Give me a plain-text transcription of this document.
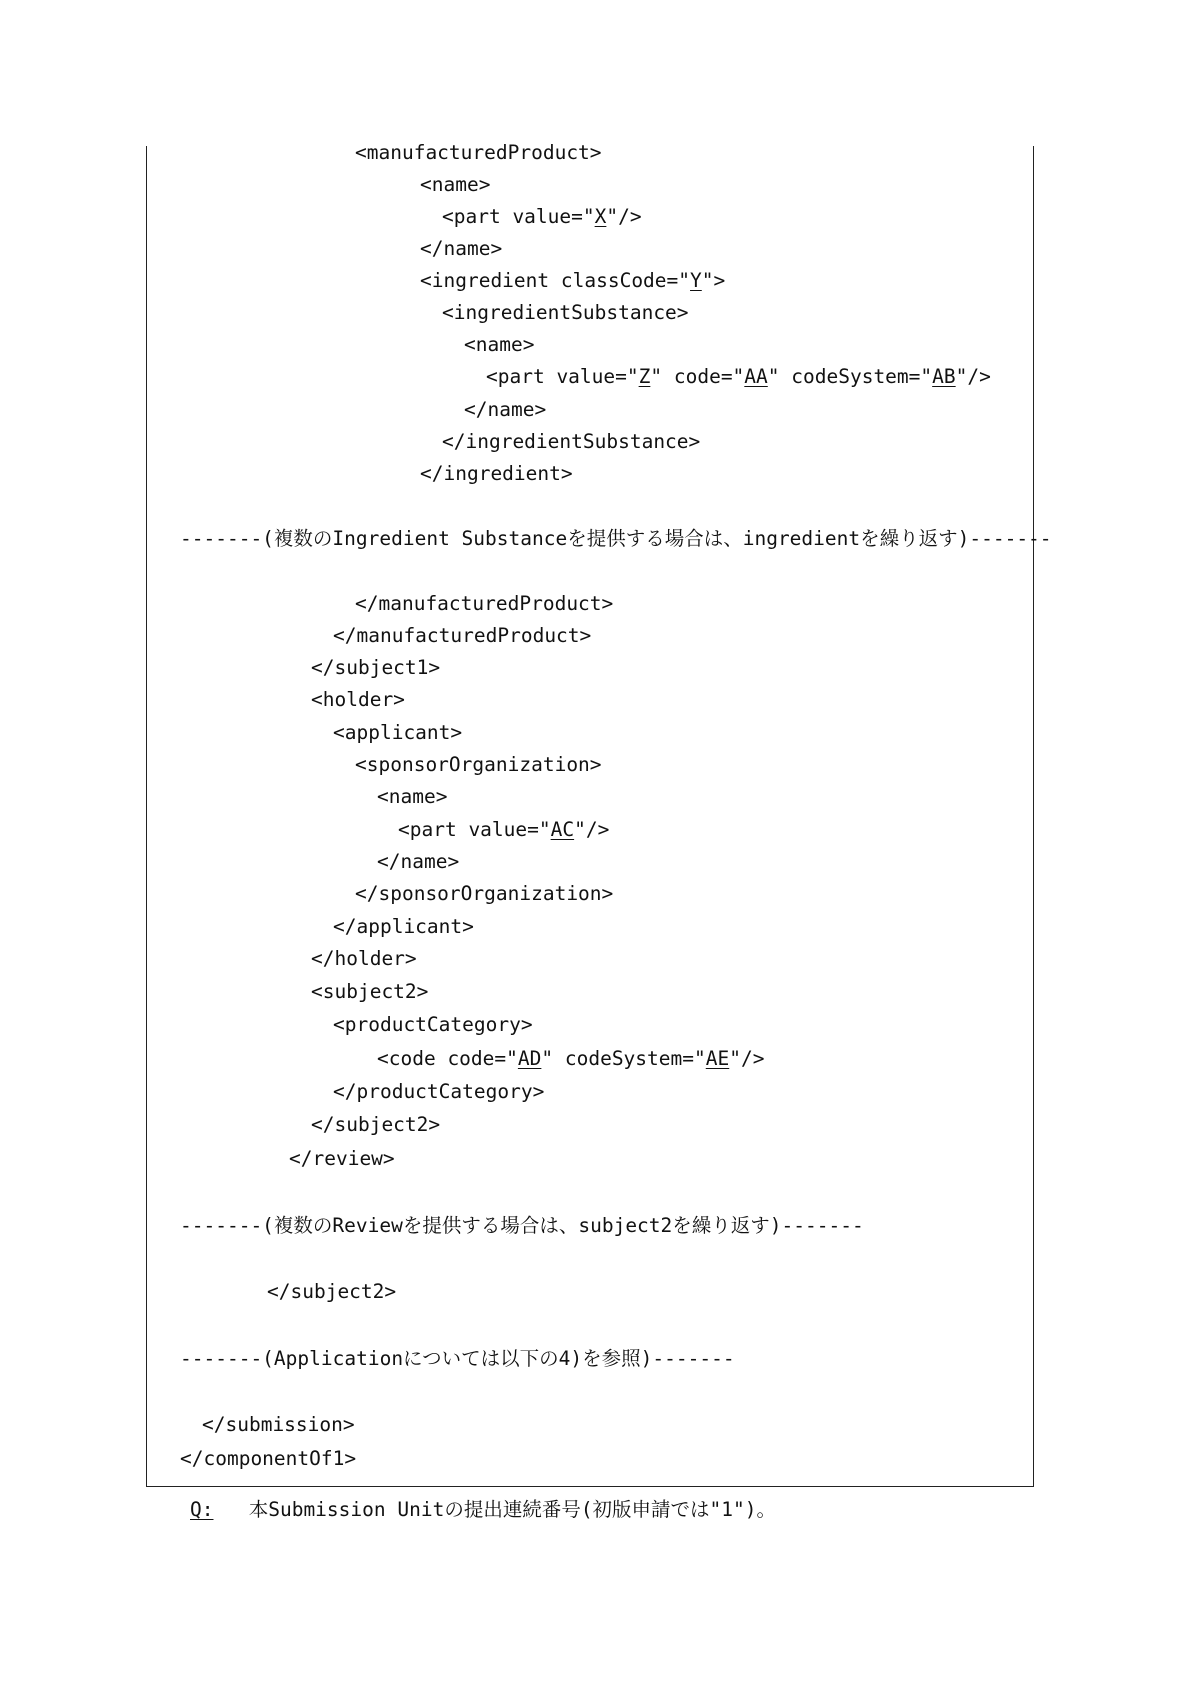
<manufacturedProduct>
<name>
<part value="X"/>
</name>
<ingredient classCode="Y">
<ingredientSubstance>
<name>
<part value="Z" code="AA" codeSystem="AB"/>
</name>
</ingredientSubstance>
</ingredient>
-------(複数のIngredient Substanceを提供する場合は、ingredientを繰り返す)-------
</manufacturedProduct>
</manufacturedProduct>
</subject1>
<holder>
<applicant>
<sponsorOrganization>
<name>
<part value="AC"/>
</name>
</sponsorOrganization>
</applicant>
</holder>
<subject2>
<productCategory>
<code code="AD" codeSystem="AE"/>
</productCategory>
</subject2>
</review>
-------(複数のReviewを提供する場合は、subject2を繰り返す)-------
</subject2>
-------(Applicationについては以下の4)を参照)-------
</submission>
</componentOf1>
Q: 本Submission Unitの提出連続番号(初版申請では"1")。
